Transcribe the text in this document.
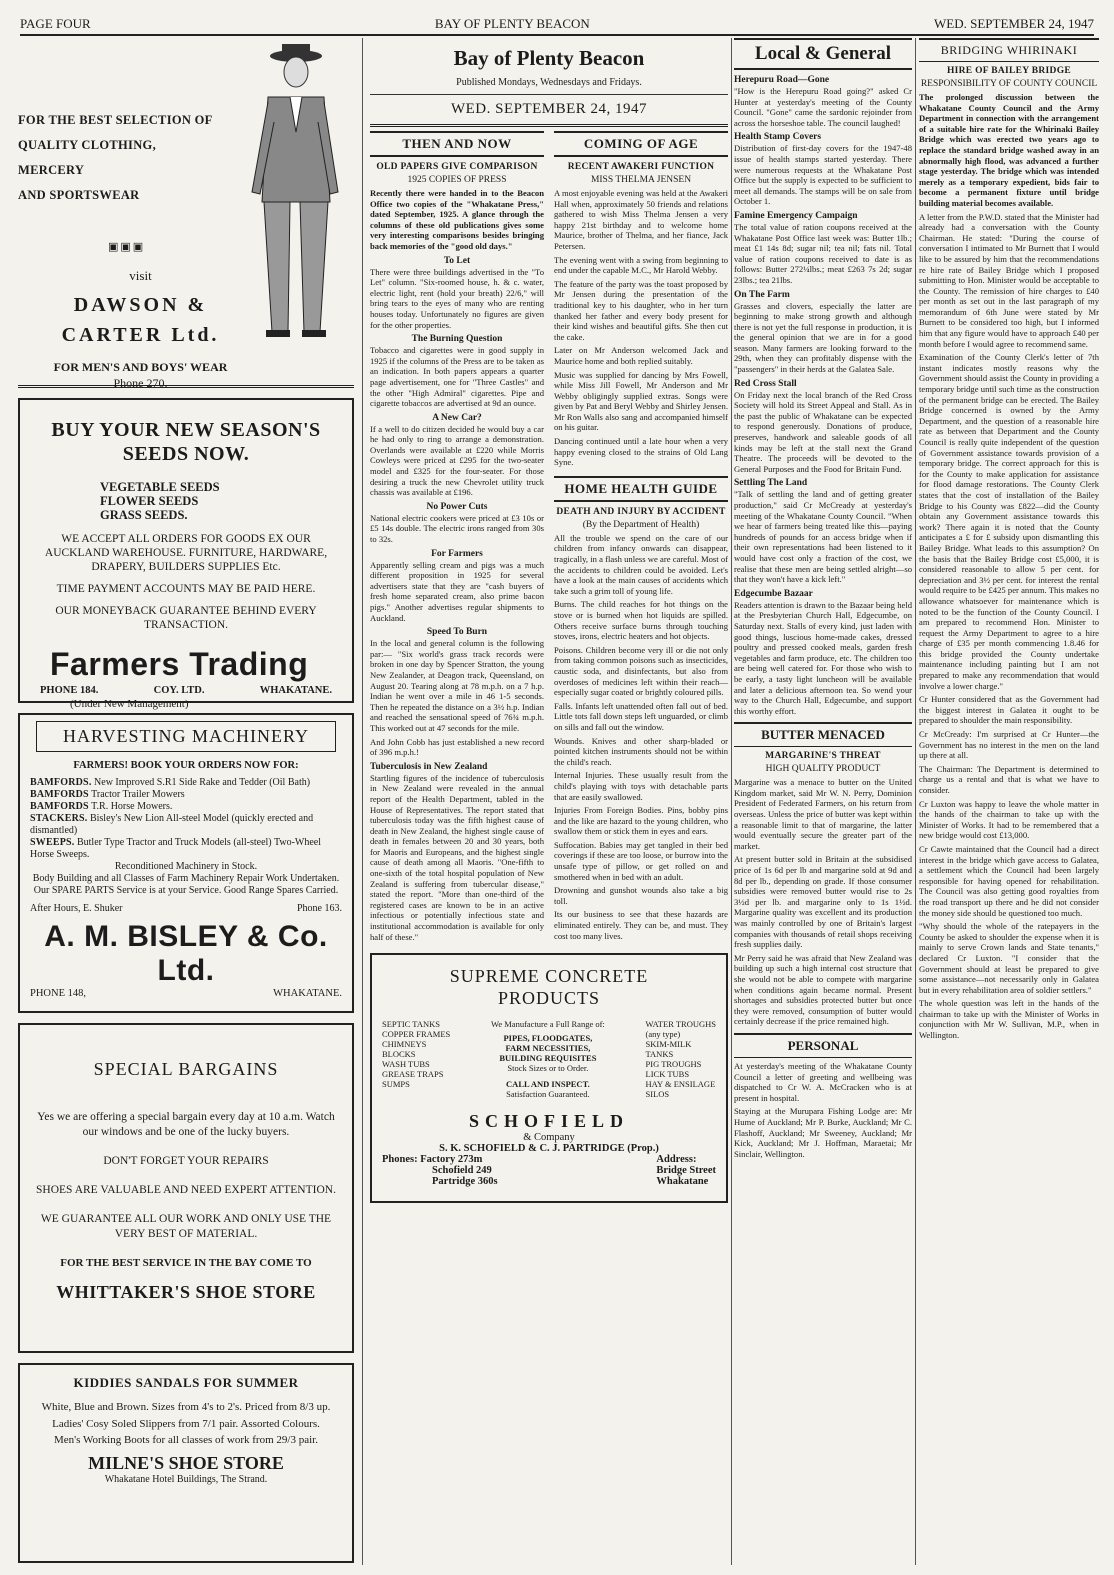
PAGE FOUR	BAY OF PLENTY BEACON	WED. SEPTEMBER 24, 1947
FOR THE BEST SELECTION OF
QUALITY CLOTHING, MERCERY
AND SPORTSWEAR
▣▣▣
visit
DAWSON &
CARTER Ltd.
FOR MEN'S AND BOYS' WEAR
Phone 270.
BUY YOUR NEW SEASON'S
SEEDS NOW.
VEGETABLE SEEDS
FLOWER SEEDS
GRASS SEEDS.
WE ACCEPT ALL ORDERS FOR GOODS EX OUR AUCKLAND WAREHOUSE. FURNITURE, HARDWARE, DRAPERY, BUILDERS SUPPLIES Etc.
TIME PAYMENT ACCOUNTS MAY BE PAID HERE.
OUR MONEYBACK GUARANTEE BEHIND EVERY TRANSACTION.
Farmers Trading
PHONE 184.	COY. LTD.	WHAKATANE.
(Under New Management)
HARVESTING MACHINERY
FARMERS! BOOK YOUR ORDERS NOW FOR:
BAMFORDS. New Improved S.R1 Side Rake and Tedder (Oil Bath)
BAMFORDS Tractor Trailer Mowers
BAMFORDS T.R. Horse Mowers.
STACKERS. Bisley's New Lion All-steel Model (quickly erected and dismantled)
SWEEPS. Butler Type Tractor and Truck Models (all-steel) Two-Wheel Horse Sweeps.
Reconditioned Machinery in Stock.
Body Building and all Classes of Farm Machinery Repair Work Undertaken.
Our SPARE PARTS Service is at your Service. Good Range Spares Carried.
After Hours, E. Shuker	Phone 163.
A. M. BISLEY & Co. Ltd.
PHONE 148,	WHAKATANE.
SPECIAL BARGAINS
Yes we are offering a special bargain every day at 10 a.m. Watch our windows and be one of the lucky buyers.
DON'T FORGET YOUR REPAIRS
SHOES ARE VALUABLE AND NEED EXPERT ATTENTION.
WE GUARANTEE ALL OUR WORK AND ONLY USE THE VERY BEST OF MATERIAL.
FOR THE BEST SERVICE IN THE BAY COME TO
WHITTAKER'S SHOE STORE
KIDDIES SANDALS FOR SUMMER
White, Blue and Brown. Sizes from 4's to 2's. Priced from 8/3 up.
Ladies' Cosy Soled Slippers from 7/1 pair. Assorted Colours.
Men's Working Boots for all classes of work from 29/3 pair.
MILNE'S SHOE STORE
Whakatane Hotel Buildings, The Strand.
Bay of Plenty Beacon
Published Mondays, Wednesdays and Fridays.
WED. SEPTEMBER 24, 1947
THEN AND NOW
OLD PAPERS GIVE COMPARISON
1925 COPIES OF PRESS

Recently there were handed in to the Beacon Office two copies of the "Whakatane Press," dated September, 1925. A glance through the columns of these old publications gives some very interesting comparisons besides bringing back memories of the "good old days."

To Let

There were three buildings advertised in the "To Let" column. "Six-roomed house, h. & c. water, electric light, rent (hold your breath) 22/6," will bring tears to the eyes of many who are renting houses today. Unfortunately no figures are given for the other properties.

The Burning Question

Tobacco and cigarettes were in good supply in 1925 if the columns of the Press are to be taken as an indication. In both papers appears a quarter page advertisement, one for "Three Castles" and the other "High Admiral" cigarettes. Pipe and cigarette tobaccos are advertised at 9d an ounce.

A New Car?

If a well to do citizen decided he would buy a car he had only to ring to arrange a demonstration. Overlands were available at £220 while Morris Cowleys were priced at £295 for the two-seater model and £325 for the four-seater. For those desiring a truck the new Chevrolet utility truck chassis was available at £196.

No Power Cuts

National electric cookers were priced at £3 10s or £5 14s double. The electric irons ranged from 30s to 32s.

For Farmers

Apparently selling cream and pigs was a much different proposition in 1925 for several advertisers state that they are "cash buyers of fresh home separated cream, also prime bacon pigs." Another advertises regular shipments to Auckland.

Speed To Burn

In the local and general column is the following par:— "Six world's grass track records were broken in one day by Spencer Stratton, the young New Zealander, at Deagon track, Queensland, on August 20. Tearing along at 78 m.p.h. on a 7 h.p. Indian he went over a mile in 46 1-5 seconds. Then he repeated the distance on a 3½ h.p. Indian and reached the sensational speed of 76¾ m.p.h. This worked out at 47 seconds for the mile.

And John Cobb has just established a new record of 396 m.p.h.!

Tuberculosis in New Zealand

Startling figures of the incidence of tuberculosis in New Zealand were revealed in the annual report of the Health Department, tabled in the House of Representatives. The report stated that tuberculosis today was the fifth highest cause of death in New Zealand, the highest single cause of death in females between 20 and 30 years, both for Maoris and Europeans, and the highest single cause of death among all Maoris. "One-fifth to one-sixth of the total hospital population of New Zealand is suffering from tubercular disease," stated the report. "More than one-third of the registered cases are known to be in an active infectious or potentially infectious state and institutional accommodation is available for only half of these."

COMING OF AGE
RECENT AWAKERI FUNCTION
MISS THELMA JENSEN

A most enjoyable evening was held at the Awakeri Hall when, approximately 50 friends and relations gathered to wish Miss Thelma Jensen a very happy 21st birthday and to welcome home Maurice, brother of Thelma, and her fiance, Jack Petersen.

The evening went with a swing from beginning to end under the capable M.C., Mr Harold Webby.

The feature of the party was the toast proposed by Mr Jensen during the presentation of the traditional key to his daughter, who in her turn thanked her father and every body present for their kind wishes and beautiful gifts. She then cut the cake.

Later on Mr Anderson welcomed Jack and Maurice home and both replied suitably.

Music was supplied for dancing by Mrs Fowell, while Miss Jill Fowell, Mr Anderson and Mr Webby obligingly supplied extras. Songs were given by Pat and Beryl Webby and Shirley Jensen. Mr Ron Walls also sang and accompanied himself on his guitar.

Dancing continued until a late hour when a very happy evening closed to the strains of Old Lang Syne.

HOME HEALTH GUIDE
DEATH AND INJURY BY ACCIDENT
(By the Department of Health)

All the trouble we spend on the care of our children from infancy onwards can disappear, tragically, in a flash unless we are careful. Most of the accidents to children could be avoided. Let's have a look at the main causes of accidents which take such a grim toll of young life.

Burns. The child reaches for hot things on the stove or is burned when hot liquids are spilled. Others receive surface burns through touching stoves, irons, electric heaters and hot objects.

Poisons. Children become very ill or die not only from taking common poisons such as insecticides, caustic soda, and disinfectants, but also from overdoses of medicines left within their reach—especially sugar coated or brightly coloured pills.

Falls. Infants left unattended often fall out of bed. Little tots fall down steps left unguarded, or climb on sills and fall out the window.

Wounds. Knives and other sharp-bladed or pointed kitchen instruments should not be within the child's reach.

Internal Injuries. These usually result from the child's playing with toys with detachable parts that are easily swallowed.

Injuries From Foreign Bodies. Pins, bobby pins and the like are hazard to the young children, who swallow them or stick them in eyes and ears.

Suffocation. Babies may get tangled in their bed coverings if these are too loose, or burrow into the unsafe type of pillow, or get rolled on and smothered when in bed with an adult.

Drowning and gunshot wounds also take a big toll.

Its our business to see that these hazards are eliminated entirely. They can be, and must. They cost too many lives.

SUPREME CONCRETE
PRODUCTS
SEPTIC TANKS
COPPER FRAMES
CHIMNEYS
BLOCKS
WASH TUBS
GREASE TRAPS
SUMPS
We Manufacture a Full Range of:
PIPES, FLOODGATES,
FARM NECESSITIES,
BUILDING REQUISITES
Stock Sizes or to Order.
CALL AND INSPECT.
Satisfaction Guaranteed.
WATER TROUGHS
(any type)
SKIM-MILK
TANKS
PIG TROUGHS
LICK TUBS
HAY & ENSILAGE
SILOS
SCHOFIELD
& Company
S. K. SCHOFIELD & C. J. PARTRIDGE (Prop.)
Phones: Factory 273m
Schofield 249
Partridge 360s
Address:
Bridge Street
Whakatane
Local & General
Herepuru Road—Gone

"How is the Herepuru Road going?" asked Cr Hunter at yesterday's meeting of the County Council. "Gone" came the sardonic rejoinder from across the horseshoe table. The council laughed!

Health Stamp Covers

Distribution of first-day covers for the 1947-48 issue of health stamps started yesterday. There were numerous requests at the Whakatane Post Office but the supply is expected to be sufficient to meet all demands. The stamps will be on sale from October 1.

Famine Emergency Campaign

The total value of ration coupons received at the Whakatane Post Office last week was: Butter 1lb.; meat £1 14s 8d; sugar nil; tea nil; fats nil. Total value of ration coupons received to date is as follows: Butter 272¼lbs.; meat £263 7s 2d; sugar 23lbs.; tea 21lbs.

On The Farm

Grasses and clovers, especially the latter are beginning to make strong growth and although there is not yet the full response in production, it is the general opinion that we are in for a good season. Many farmers are looking forward to the 29th, when they can profitably dispense with the "passengers" in their herds at the Galatea Sale.

Red Cross Stall

On Friday next the local branch of the Red Cross Society will hold its Street Appeal and Stall. As in the past the public of Whakatane can be expected to respond generously. Donations of produce, preserves, handwork and saleable goods of all kinds may be left at the stall next the Grand Theatre. The proceeds will be devoted to the General Purposes and the Food for Britain Fund.

Settling The Land

"Talk of settling the land and of getting greater production," said Cr McCready at yesterday's meeting of the Whakatane County Council. "When we hear of farmers being treated like this—paying hundreds of pounds for an access bridge when if their own representations had been listened to it would have cost only a fraction of the cost, we realise that these men are being settled alright—so that they won't have a kick left."

Edgecumbe Bazaar

Readers attention is drawn to the Bazaar being held at the Presbyterian Church Hall, Edgecumbe, on Saturday next. Stalls of every kind, just laden with good things, luscious home-made cakes, dressed poultry and pressed cooked meals, garden fresh vegetables and farm produce, etc. The children too are being well catered for. For those who wish to be early, a tasty light luncheon will be available and later a delicious afternoon tea. So wend your way to the Church Hall, Edgecumbe, and support this worthy effort.

BUTTER MENACED
MARGARINE'S THREAT
HIGH QUALITY PRODUCT

Margarine was a menace to butter on the United Kingdom market, said Mr W. N. Perry, Dominion President of Federated Farmers, on his return from overseas. Unless the price of butter was kept within a reasonable limit to that of margarine, the latter would eventually secure the greater part of the market.

At present butter sold in Britain at the subsidised price of 1s 6d per lb and margarine sold at 9d and 8d per lb., depending on grade. If those consumer subsidies were removed butter would rise to 2s 3½d per lb. and margarine only to 1s 1½d. Margarine quality was excellent and its production was mainly controlled by one of Britain's largest companies with thousands of retail shops receiving fresh supplies daily.

Mr Perry said he was afraid that New Zealand was building up such a high internal cost structure that she would not be able to compete with margarine when conditions again became normal. Present shortages and subsidies protected butter but once they were removed, consumption of butter would certainly decrease if the price remained high.

PERSONAL

At yesterday's meeting of the Whakatane County Council a letter of greeting and wellbeing was dispatched to Cr W. A. McCracken who is at present in hospital.

Staying at the Murupara Fishing Lodge are: Mr Hume of Auckland; Mr P. Burke, Auckland; Mr C. Flashoff, Auckland; Mr Sweeney, Auckland; Mr Kick, Auckland; Mr J. Hoffman, Maraetai; Mr Sinclair, Wellington.

BRIDGING WHIRINAKI
HIRE OF BAILEY BRIDGE
RESPONSIBILITY OF COUNTY COUNCIL

The prolonged discussion between the Whakatane County Council and the Army Department in connection with the arrangement of a suitable hire rate for the Whirinaki Bailey Bridge which was erected two years ago to replace the standard bridge washed away in an abnormally high flood, was advanced a further stage yesterday. The bridge which was intended merely as a temporary expedient, bids fair to become a permanent fixture until bridge building material becomes available.

A letter from the P.W.D. stated that the Minister had already had a conversation with the County Chairman. He stated: "During the course of conversation I intimated to Mr Burnett that I would like to be assured by him that the recommendations re hire rate of Bailey Bridge which I proposed submitting to Hon. Minister would be acceptable to the County. The remission of hire charges to £40 per month as set out in the last paragraph of my memorandum of 6th June were stated by Mr Burnett to be considered too high, but I informed him that any figure would have to approach £40 per month before I would agree to recommend same.

Examination of the County Clerk's letter of 7th instant indicates mostly reasons why the Government should assist the County in providing a temporary bridge until such time as the construction of the permanent bridge can be erected. The Bailey Bridge concerned is owned by the Army Department, and the question of a reasonable hire rate as between that Department and the County Council is really quite independent of the question of Government assistance towards provision of a temporary bridge. The correct approach for this is for the County to make application for assistance for flood damage restorations. The County Clerk states that the cost of installation of the Bailey Bridge to his County was £822—did the County obtain any Government assistance towards this work? There again it is noted that the County anticipates a £ for £ subsidy upon dismantling this Bailey Bridge. What leads to this assumption? On the basis that the Bailey Bridge cost £5,000, it is considered reasonable to allow 5 per cent. for depreciation and 3½ per cent. for interest the rental would require to be £425 per annum. This makes no allowance whatsoever for maintenance which is noted to be the function of the County Council. I am prepared to recommend Hon. Minister to request the Army Department to agree to a hire charge of £35 per month commencing 1.8.46 for this bridge provided the County undertake maintenance including painting but I am not prepared to make any recommendation that would involve a lower charge."

Cr Hunter considered that as the Government had the biggest interest in Galatea it ought to be prepared to shoulder the main responsibility.

Cr McCready: I'm surprised at Cr Hunter—the Government has no interest in the men on the land up there at all.

The Chairman: The Department is determined to charge us a rental and that is what we have to consider.

Cr Luxton was happy to leave the whole matter in the hands of the chairman to take up with the Minister of Works. It had to be remembered that a new bridge would cost £13,000.

Cr Cawte maintained that the Council had a direct interest in the bridge which gave access to Galatea, a settlement which the Council had been largely responsible for having opened for rehabilitation. The Council was also getting good royalties from the road transport up there and he did not consider the money side should be questioned too much.

"Why should the whole of the ratepayers in the County be asked to shoulder the expense when it is mainly to serve Crown lands and State tenants," declared Cr Luxton. "I consider that the Government should at least be prepared to give some assistance—not necessarily only in Galatea but in every rehabilitation area of soldier settlers."

The whole question was left in the hands of the chairman to take up with the Minister of Works in conjunction with Mr W. Sullivan, M.P., when in Wellington.
